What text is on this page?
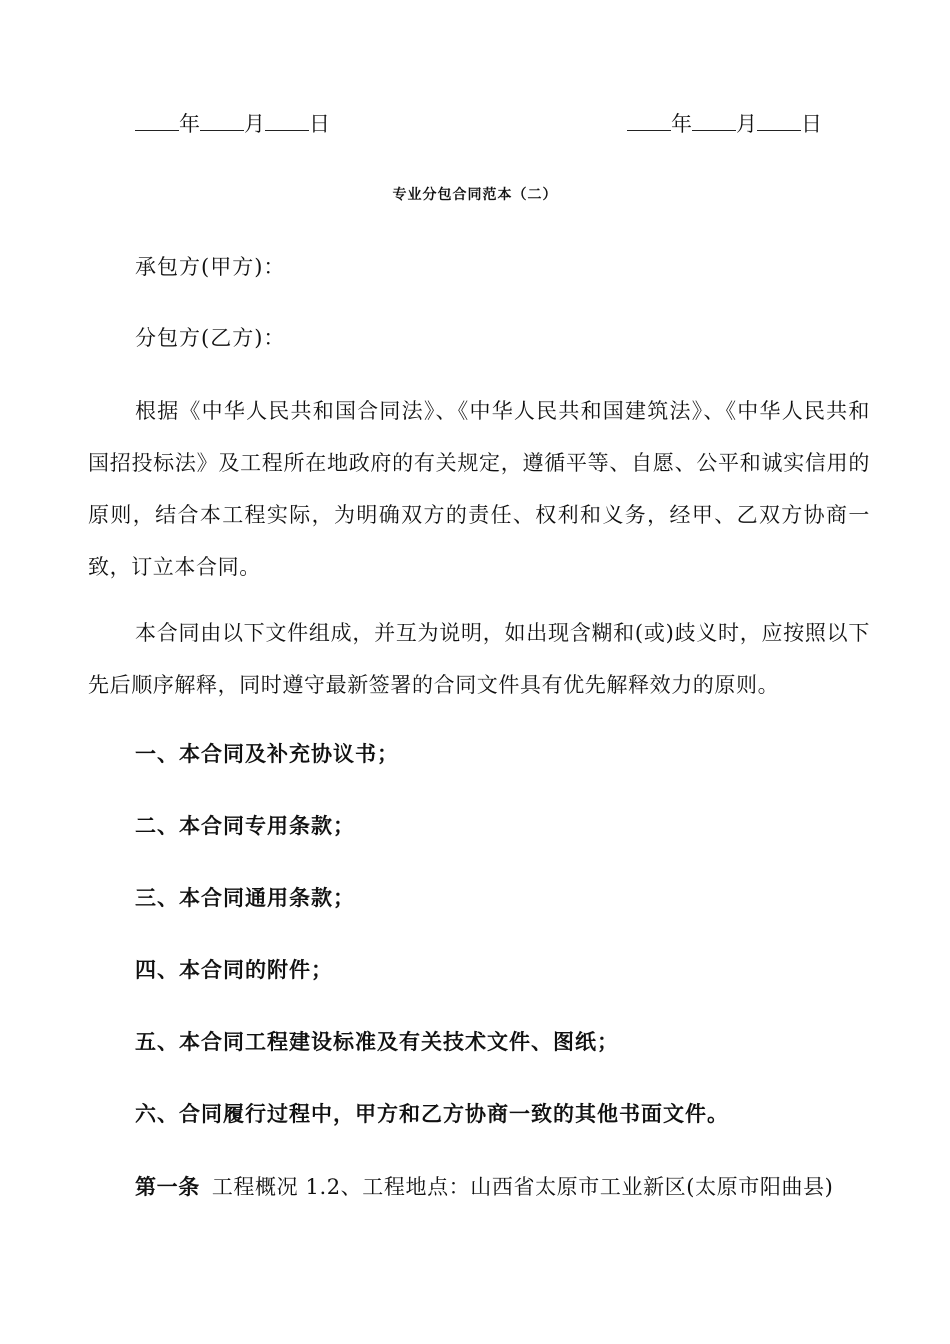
年 月 日	年 月 日
专业分包合同范本（二）
承包方(甲方)：
分包方(乙方)：

根据《中华人民共和国合同法》、《中华人民共和国建筑法》、《中华人民共和国招投标法》及工程所在地政府的有关规定，遵循平等、自愿、公平和诚实信用的原则，结合本工程实际，为明确双方的责任、权利和义务，经甲、乙双方协商一致，订立本合同。

本合同由以下文件组成，并互为说明，如出现含糊和(或)歧义时，应按照以下先后顺序解释，同时遵守最新签署的合同文件具有优先解释效力的原则。

一、本合同及补充协议书；
二、本合同专用条款；
三、本合同通用条款；
四、本合同的附件；
五、本合同工程建设标准及有关技术文件、图纸；
六、合同履行过程中，甲方和乙方协商一致的其他书面文件。
第一条 工程概况 1.2、工程地点：山西省太原市工业新区(太原市阳曲县)
